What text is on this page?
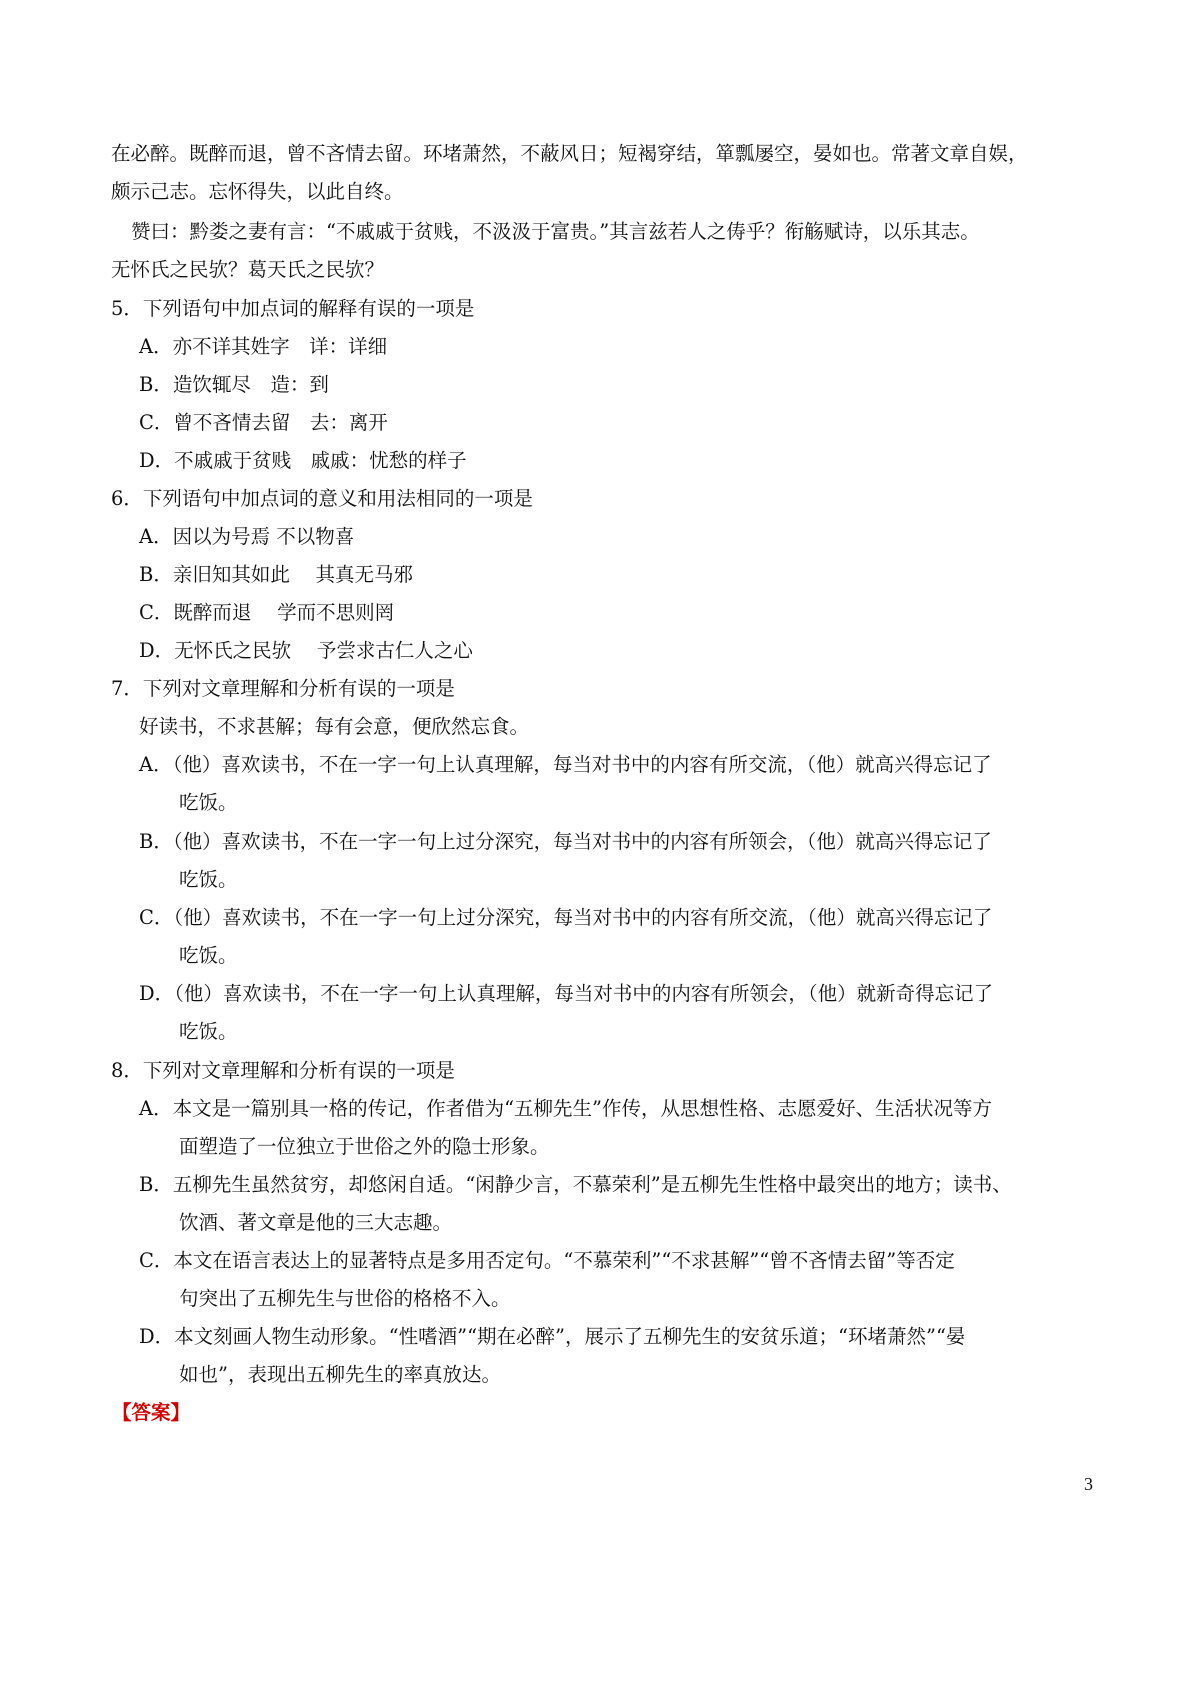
在必醉。既醉而退，曾不吝情去留。环堵萧然，不蔽风日；短褐穿结，箪瓢屡空，晏如也。常著文章自娱，
颇示己志。忘怀得失，以此自终。
赞曰：黔娄之妻有言：“不戚戚于贫贱，不汲汲于富贵。”其言兹若人之俦乎？衔觞赋诗，以乐其志。
无怀氏之民欤？葛天氏之民欤？
5．下列语句中加点词的解释有误的一项是
A．亦不详其姓字　详：详细
B．造饮辄尽　造：到
C．曾不吝情去留　去：离开
D．不戚戚于贫贱　戚戚：忧愁的样子
6．下列语句中加点词的意义和用法相同的一项是
A．因以为号焉 不以物喜
B．亲旧知其如此　 其真无马邪
C．既醉而退　 学而不思则罔
D．无怀氏之民欤　 予尝求古仁人之心
7．下列对文章理解和分析有误的一项是
好读书，不求甚解；每有会意，便欣然忘食。
A．（他）喜欢读书，不在一字一句上认真理解，每当对书中的内容有所交流，（他）就高兴得忘记了
吃饭。
B．（他）喜欢读书，不在一字一句上过分深究，每当对书中的内容有所领会，（他）就高兴得忘记了
吃饭。
C．（他）喜欢读书，不在一字一句上过分深究，每当对书中的内容有所交流，（他）就高兴得忘记了
吃饭。
D．（他）喜欢读书，不在一字一句上认真理解，每当对书中的内容有所领会，（他）就新奇得忘记了
吃饭。
8．下列对文章理解和分析有误的一项是
A．本文是一篇别具一格的传记，作者借为“五柳先生”作传，从思想性格、志愿爱好、生活状况等方
面塑造了一位独立于世俗之外的隐士形象。
B．五柳先生虽然贫穷，却悠闲自适。“闲静少言，不慕荣利”是五柳先生性格中最突出的地方；读书、
饮酒、著文章是他的三大志趣。
C．本文在语言表达上的显著特点是多用否定句。“不慕荣利”“不求甚解”“曾不吝情去留”等否定
句突出了五柳先生与世俗的格格不入。
D．本文刻画人物生动形象。“性嗜酒”“期在必醉”，展示了五柳先生的安贫乐道；“环堵萧然”“晏
如也”，表现出五柳先生的率真放达。
【答案】
3
